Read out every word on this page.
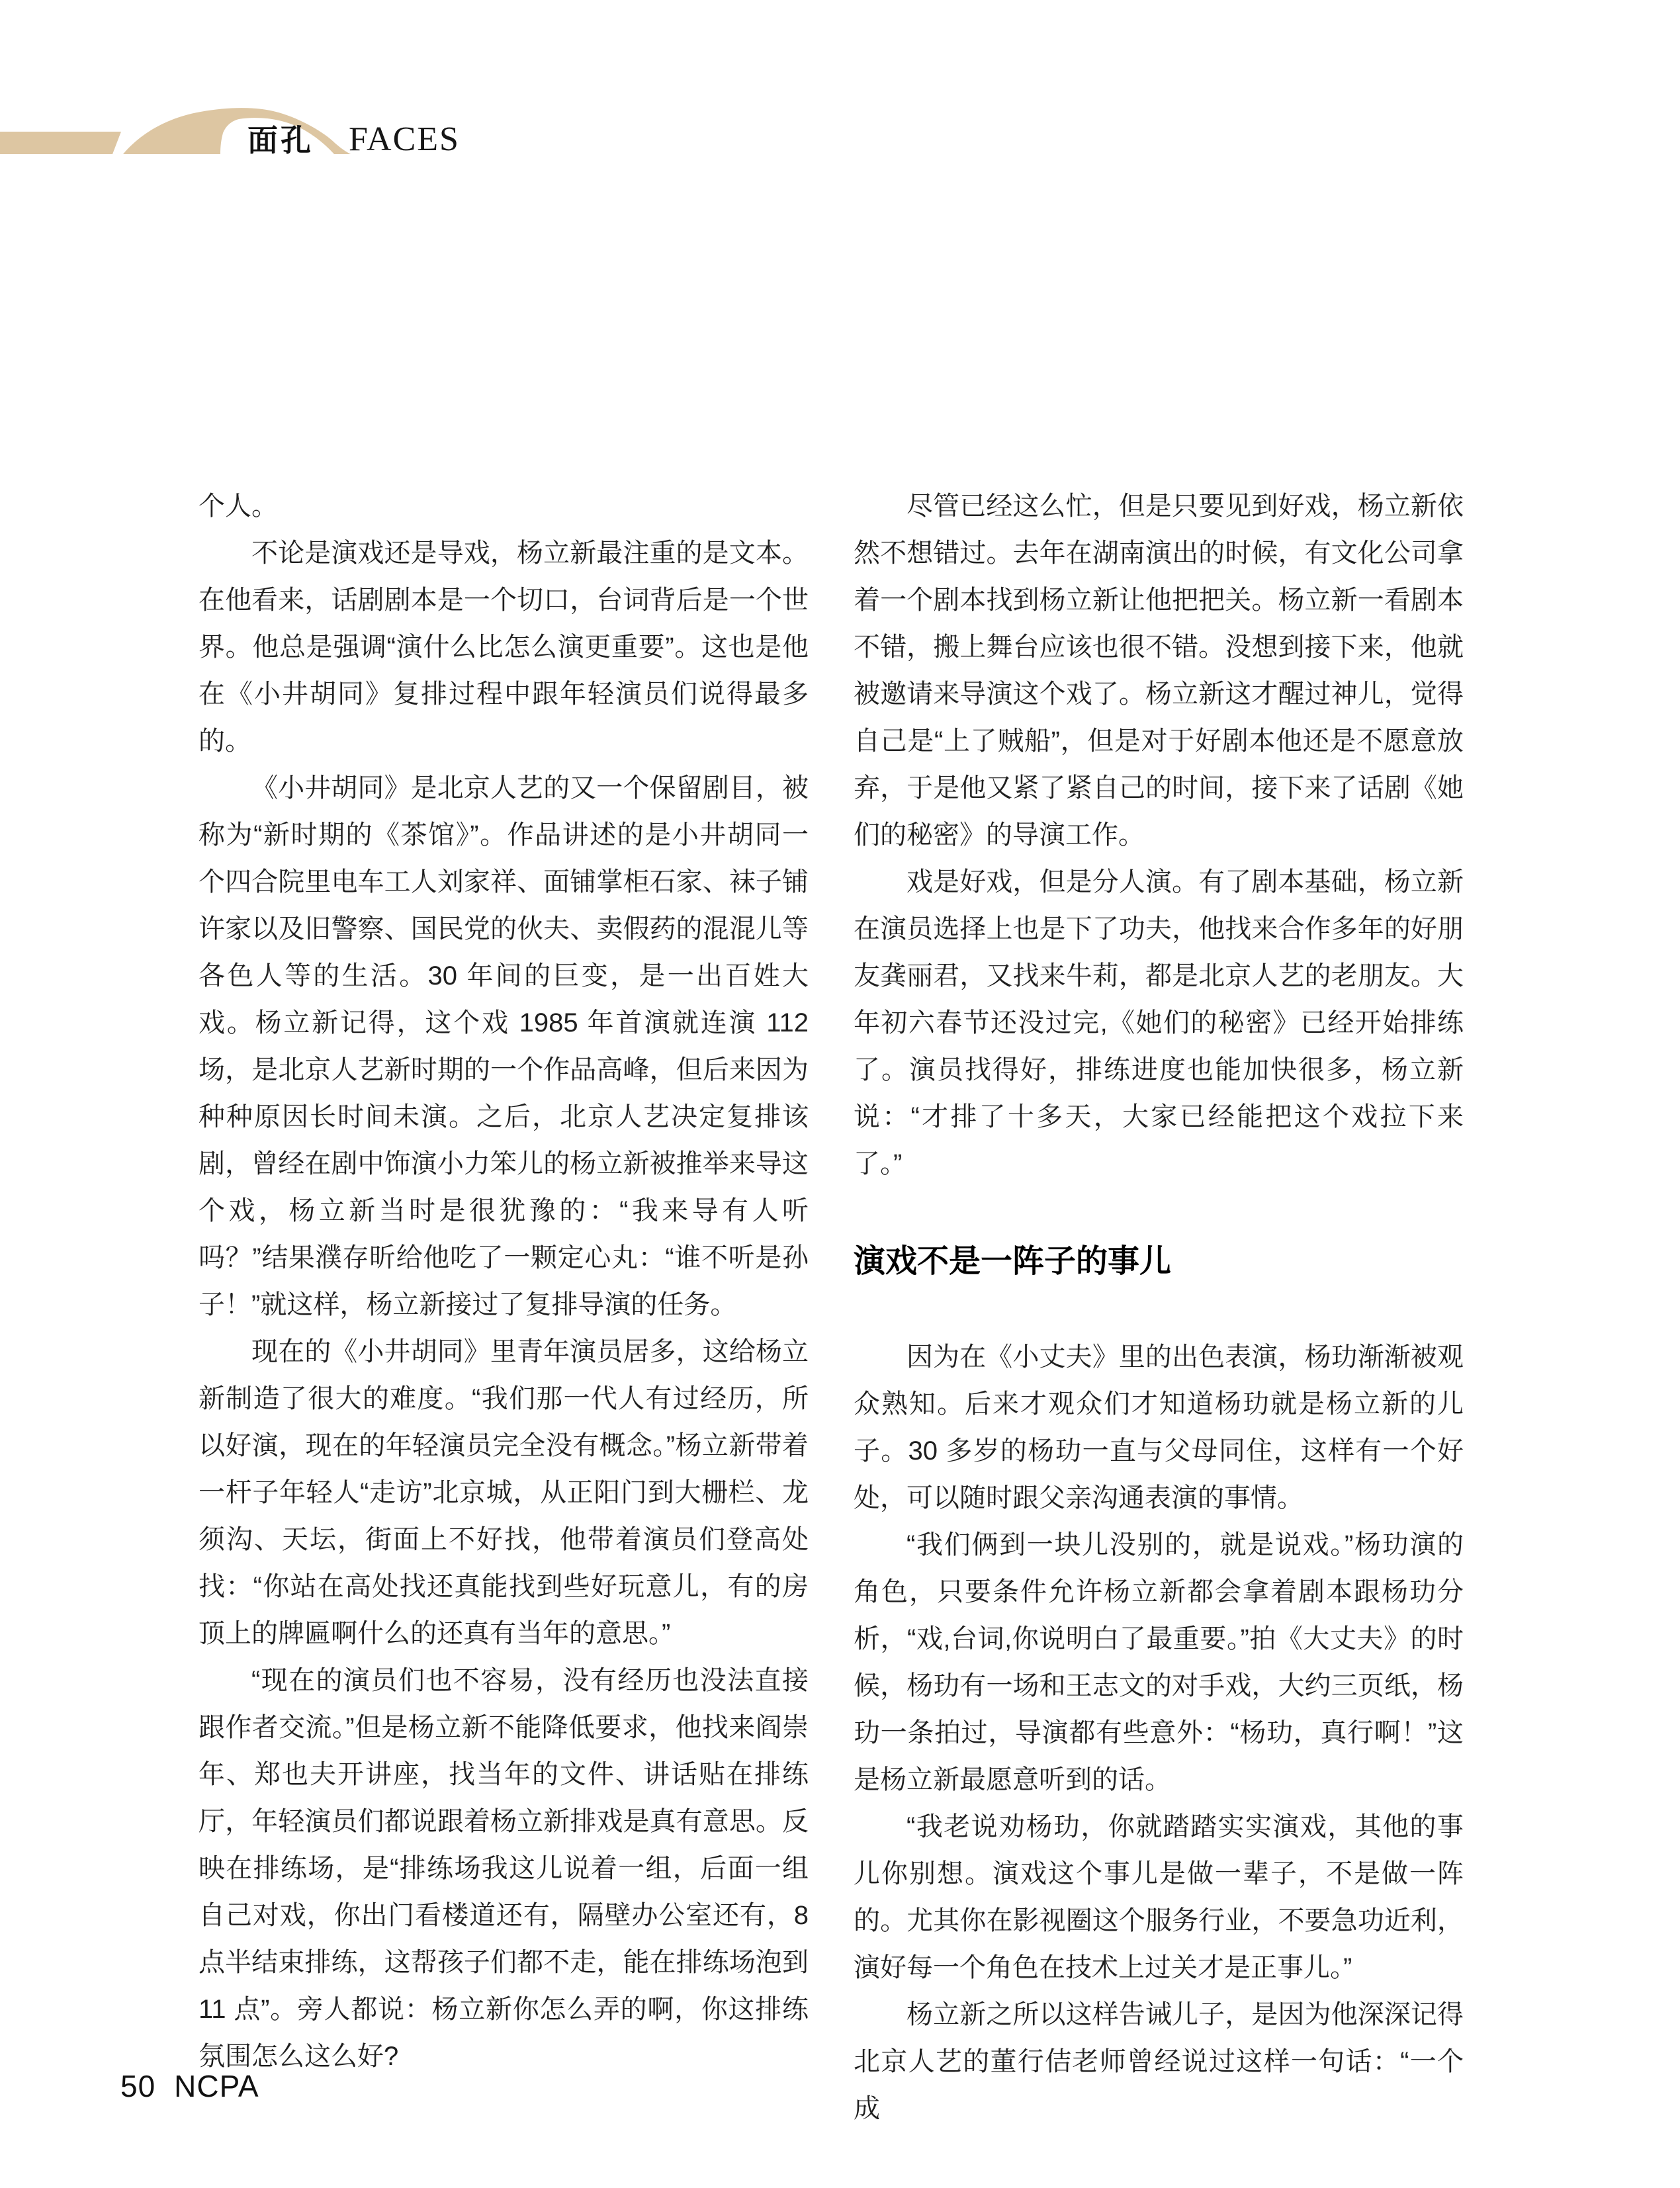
面孔 FACES

个人。

不论是演戏还是导戏，杨立新最注重的是文本。在他看来，话剧剧本是一个切口，台词背后是一个世界。他总是强调“演什么比怎么演更重要”。这也是他在《小井胡同》复排过程中跟年轻演员们说得最多的。

《小井胡同》是北京人艺的又一个保留剧目，被称为“新时期的《茶馆》”。作品讲述的是小井胡同一个四合院里电车工人刘家祥、面铺掌柜石家、袜子铺许家以及旧警察、国民党的伙夫、卖假药的混混儿等各色人等的生活。30 年间的巨变，是一出百姓大戏。杨立新记得，这个戏 1985 年首演就连演 112 场，是北京人艺新时期的一个作品高峰，但后来因为种种原因长时间未演。之后，北京人艺决定复排该剧，曾经在剧中饰演小力笨儿的杨立新被推举来导这个戏，杨立新当时是很犹豫的：“我来导有人听吗？”结果濮存昕给他吃了一颗定心丸：“谁不听是孙子！”就这样，杨立新接过了复排导演的任务。

现在的《小井胡同》里青年演员居多，这给杨立新制造了很大的难度。“我们那一代人有过经历，所以好演，现在的年轻演员完全没有概念。”杨立新带着一杆子年轻人“走访”北京城，从正阳门到大栅栏、龙须沟、天坛，街面上不好找，他带着演员们登高处找：“你站在高处找还真能找到些好玩意儿，有的房顶上的牌匾啊什么的还真有当年的意思。”

“现在的演员们也不容易，没有经历也没法直接跟作者交流。”但是杨立新不能降低要求，他找来阎崇年、郑也夫开讲座，找当年的文件、讲话贴在排练厅，年轻演员们都说跟着杨立新排戏是真有意思。反映在排练场，是“排练场我这儿说着一组，后面一组自己对戏，你出门看楼道还有，隔壁办公室还有，8 点半结束排练，这帮孩子们都不走，能在排练场泡到 11 点”。旁人都说：杨立新你怎么弄的啊，你这排练氛围怎么这么好?

尽管已经这么忙，但是只要见到好戏，杨立新依然不想错过。去年在湖南演出的时候，有文化公司拿着一个剧本找到杨立新让他把把关。杨立新一看剧本不错，搬上舞台应该也很不错。没想到接下来，他就被邀请来导演这个戏了。杨立新这才醒过神儿，觉得自己是“上了贼船”，但是对于好剧本他还是不愿意放弃，于是他又紧了紧自己的时间，接下来了话剧《她们的秘密》的导演工作。

戏是好戏，但是分人演。有了剧本基础，杨立新在演员选择上也是下了功夫，他找来合作多年的好朋友龚丽君，又找来牛莉，都是北京人艺的老朋友。大年初六春节还没过完,《她们的秘密》已经开始排练了。演员找得好，排练进度也能加快很多，杨立新说：“才排了十多天，大家已经能把这个戏拉下来了。”

演戏不是一阵子的事儿

因为在《小丈夫》里的出色表演，杨玏渐渐被观众熟知。后来才观众们才知道杨玏就是杨立新的儿子。30 多岁的杨玏一直与父母同住，这样有一个好处，可以随时跟父亲沟通表演的事情。

“我们俩到一块儿没别的，就是说戏。”杨玏演的角色，只要条件允许杨立新都会拿着剧本跟杨玏分析，“戏,台词,你说明白了最重要。”拍《大丈夫》的时候，杨玏有一场和王志文的对手戏，大约三页纸，杨玏一条拍过，导演都有些意外：“杨玏，真行啊！”这是杨立新最愿意听到的话。

“我老说劝杨玏，你就踏踏实实演戏，其他的事儿你别想。演戏这个事儿是做一辈子，不是做一阵的。尤其你在影视圈这个服务行业，不要急功近利，演好每一个角色在技术上过关才是正事儿。”

杨立新之所以这样告诫儿子，是因为他深深记得北京人艺的董行佶老师曾经说过这样一句话：“一个成

50 NCPA
